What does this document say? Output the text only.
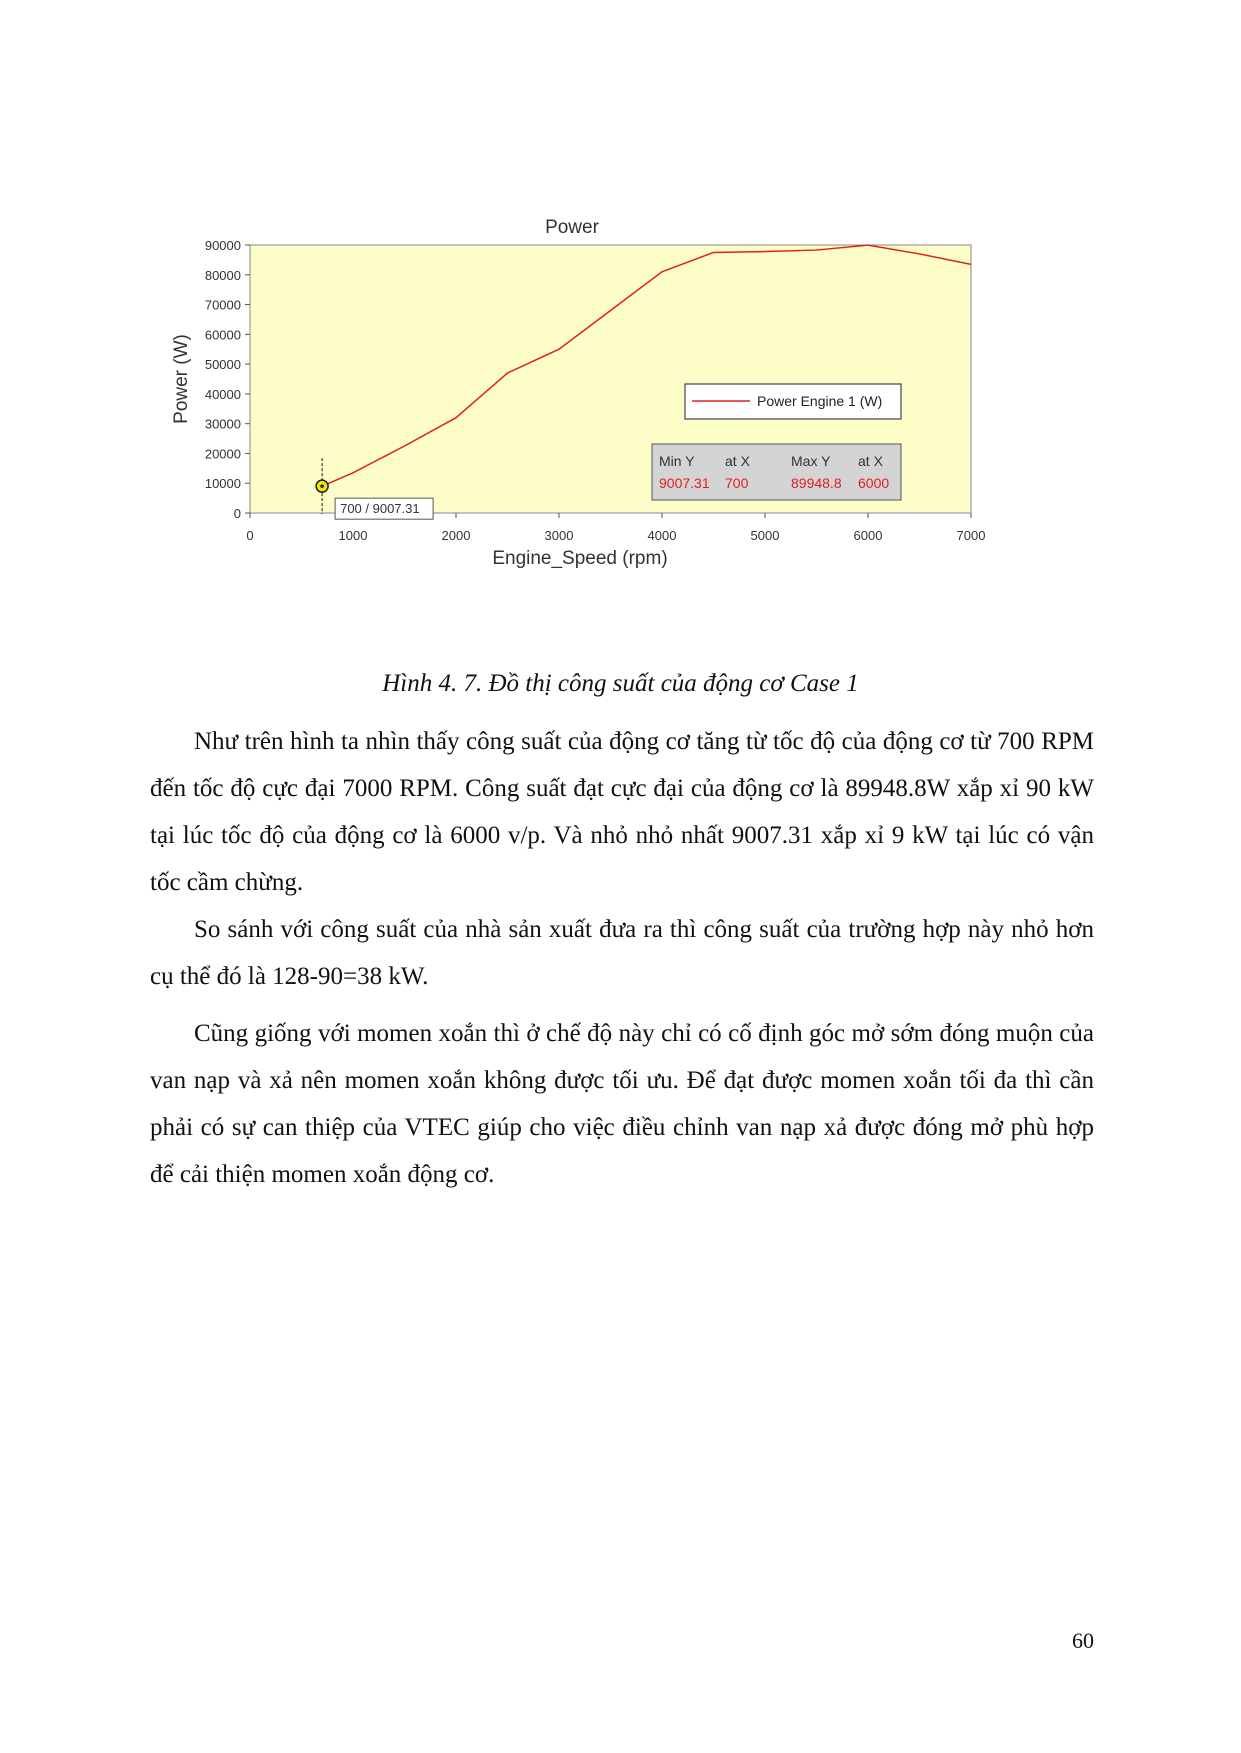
Power
Engine_Speed (rpm)
Power (W)
0
10000
20000
30000
40000
50000
60000
70000
80000
90000
0	1000	2000	3000	4000	5000	6000	7000
700 / 9007.31
Power Engine 1 (W)
Min Y at X	Max Y at X
9007.31 700	89948.8 6000

Hình 4. 7. Đồ thị công suất của động cơ Case 1

Như trên hình ta nhìn thấy công suất của động cơ tăng từ tốc độ của động cơ từ 700 RPM đến tốc độ cực đại 7000 RPM. Công suất đạt cực đại của động cơ là 89948.8W xắp xỉ 90 kW tại lúc tốc độ của động cơ là 6000 v/p. Và nhỏ nhỏ nhất 9007.31 xắp xỉ 9 kW tại lúc có vận tốc cầm chừng.

So sánh với công suất của nhà sản xuất đưa ra thì công suất của trường hợp này nhỏ hơn cụ thể đó là 128-90=38 kW.

Cũng giống với momen xoắn thì ở chế độ này chỉ có cố định góc mở sớm đóng muộn của van nạp và xả nên momen xoắn không được tối ưu. Để đạt được momen xoắn tối đa thì cần phải có sự can thiệp của VTEC giúp cho việc điều chỉnh van nạp xả được đóng mở phù hợp để cải thiện momen xoắn động cơ.

60
